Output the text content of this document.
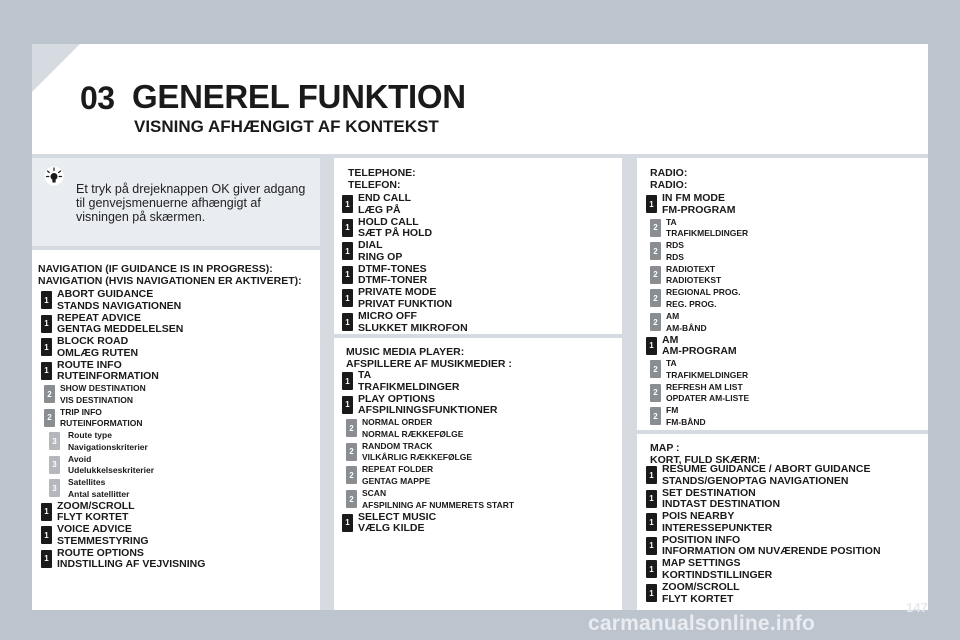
03 GENEREL FUNKTION
VISNING AFHÆNGIGT AF KONTEKST
Et tryk på drejeknappen OK giver adgang
til genvejsmenuerne afhængigt af
visningen på skærmen.
NAVIGATION (IF GUIDANCE IS IN PROGRESS):
NAVIGATION (HVIS NAVIGATIONEN ER AKTIVERET):
1 ABORT GUIDANCE
STANDS NAVIGATIONEN
1 REPEAT ADVICE
GENTAG MEDDELELSEN
1 BLOCK ROAD
OMLÆG RUTEN
1 ROUTE INFO
RUTEINFORMATION
2
SHOW DESTINATION
VIS DESTINATION
2
TRIP INFO
RUTEINFORMATION
3
Route type
Navigationskriterier
3
Avoid
Udelukkelseskriterier
3
Satellites
Antal satellitter
1 ZOOM/SCROLL
FLYT KORTET
1 VOICE ADVICE
STEMMESTYRING
1 ROUTE OPTIONS
INDSTILLING AF VEJVISNING
TELEPHONE:
TELEFON:
1 END CALL
LÆG PÅ
1 HOLD CALL
SÆT PÅ HOLD
1 DIAL
RING OP
1 DTMF-TONES
DTMF-TONER
1 PRIVATE MODE
PRIVAT FUNKTION
1 MICRO OFF
SLUKKET MIKROFON
MUSIC MEDIA PLAYER:
AFSPILLERE AF MUSIKMEDIER :
1 TA
TRAFIKMELDINGER
1 PLAY OPTIONS
AFSPILNINGSFUNKTIONER
2
NORMAL ORDER
NORMAL RÆKKEFØLGE
2
RANDOM TRACK
VILKÅRLIG RÆKKEFØLGE
2
REPEAT FOLDER
GENTAG MAPPE
2
SCAN
AFSPILNING AF NUMMERETS START
1 SELECT MUSIC
VÆLG KILDE
RADIO:
RADIO:
1 IN FM MODE
FM-PROGRAM
2
TA
TRAFIKMELDINGER
2
RDS
RDS
2
RADIOTEXT
RADIOTEKST
2
REGIONAL PROG.
REG. PROG.
2
AM
AM-BÅND
1 AM
AM-PROGRAM
2
TA
TRAFIKMELDINGER
2
REFRESH AM LIST
OPDATER AM-LISTE
2
FM
FM-BÅND
MAP :
KORT, FULD SKÆRM:
1 RESUME GUIDANCE / ABORT GUIDANCE
STANDS/GENOPTAG NAVIGATIONEN
1 SET DESTINATION
INDTAST DESTINATION
1 POIS NEARBY
INTERESSEPUNKTER
1 POSITION INFO
INFORMATION OM NUVÆRENDE POSITION
1 MAP SETTINGS
KORTINDSTILLINGER
1 ZOOM/SCROLL
FLYT KORTET
carmanualsonline.info
147
